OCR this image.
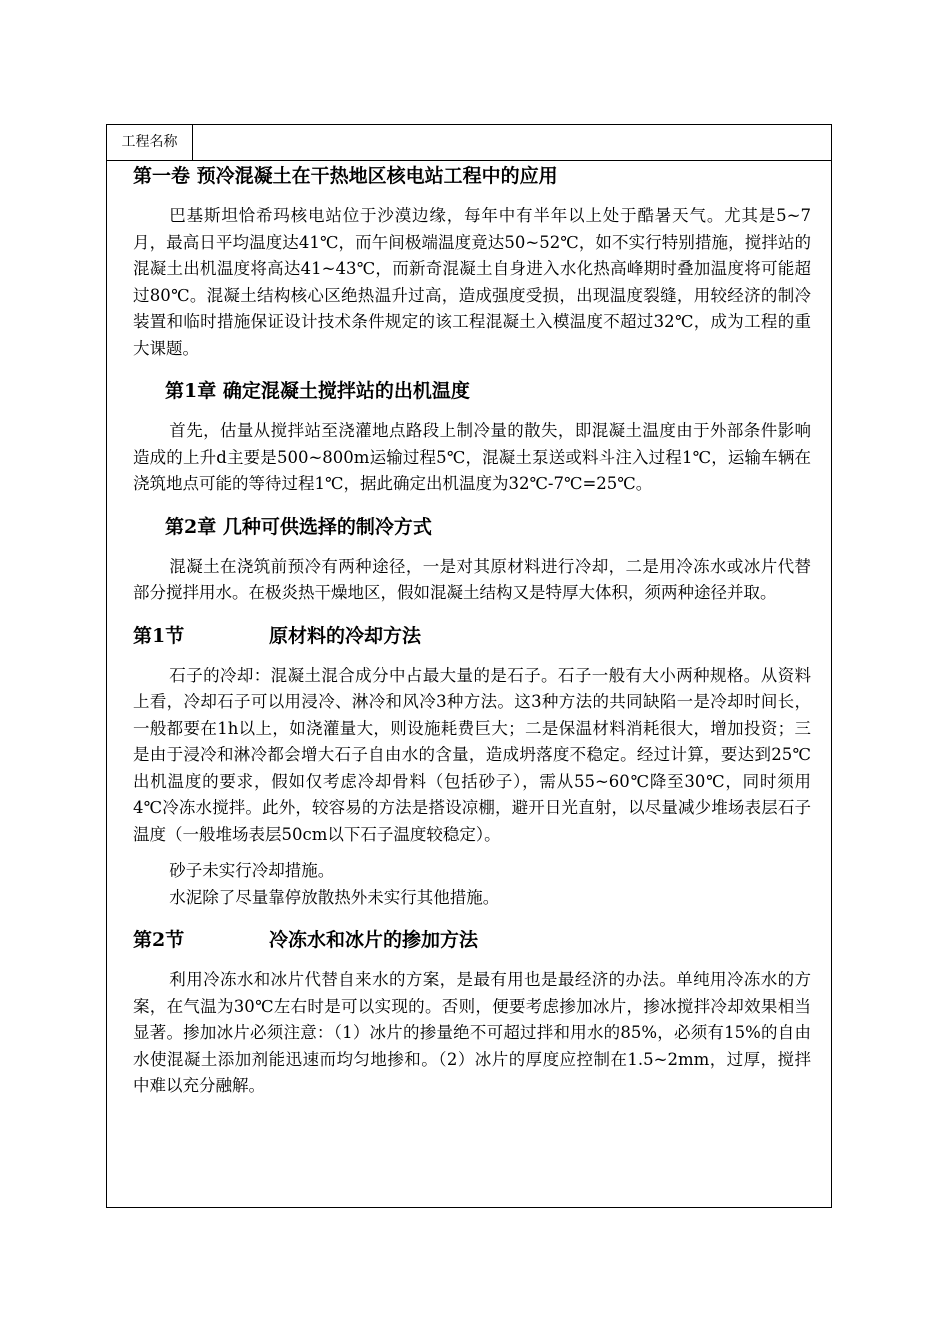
工程名称
第一卷 预冷混凝土在干热地区核电站工程中的应用

巴基斯坦恰希玛核电站位于沙漠边缘，每年中有半年以上处于酷暑天气。尤其是5~7月，最高日平均温度达41℃，而午间极端温度竟达50~52℃，如不实行特别措施，搅拌站的混凝土出机温度将高达41~43℃，而新奇混凝土自身进入水化热高峰期时叠加温度将可能超过80℃。混凝土结构核心区绝热温升过高，造成强度受损，出现温度裂缝，用较经济的制冷装置和临时措施保证设计技术条件规定的该工程混凝土入模温度不超过32℃，成为工程的重大课题。

第1章 确定混凝土搅拌站的出机温度

首先，估量从搅拌站至浇灌地点路段上制冷量的散失，即混凝土温度由于外部条件影响造成的上升d主要是500~800m运输过程5℃，混凝土泵送或料斗注入过程1℃，运输车辆在浇筑地点可能的等待过程1℃，据此确定出机温度为32℃-7℃=25℃。

第2章 几种可供选择的制冷方式

混凝土在浇筑前预冷有两种途径，一是对其原材料进行冷却，二是用冷冻水或冰片代替部分搅拌用水。在极炎热干燥地区，假如混凝土结构又是特厚大体积，须两种途径并取。

第1节	原材料的冷却方法

石子的冷却：混凝土混合成分中占最大量的是石子。石子一般有大小两种规格。从资料上看，冷却石子可以用浸冷、淋冷和风冷3种方法。这3种方法的共同缺陷一是冷却时间长，一般都要在1h以上，如浇灌量大，则设施耗费巨大；二是保温材料消耗很大，增加投资；三是由于浸冷和淋冷都会增大石子自由水的含量，造成坍落度不稳定。经过计算，要达到25℃出机温度的要求，假如仅考虑冷却骨料（包括砂子），需从55~60℃降至30℃，同时须用4℃冷冻水搅拌。此外，较容易的方法是搭设凉棚，避开日光直射，以尽量减少堆场表层石子温度（一般堆场表层50cm以下石子温度较稳定）。

砂子未实行冷却措施。

水泥除了尽量靠停放散热外未实行其他措施。

第2节	冷冻水和冰片的掺加方法

利用冷冻水和冰片代替自来水的方案，是最有用也是最经济的办法。单纯用冷冻水的方案，在气温为30℃左右时是可以实现的。否则，便要考虑掺加冰片，掺冰搅拌冷却效果相当显著。掺加冰片必须注意：（1）冰片的掺量绝不可超过拌和用水的85%，必须有15%的自由水使混凝土添加剂能迅速而均匀地掺和。（2）冰片的厚度应控制在1.5~2mm，过厚，搅拌中难以充分融解。
